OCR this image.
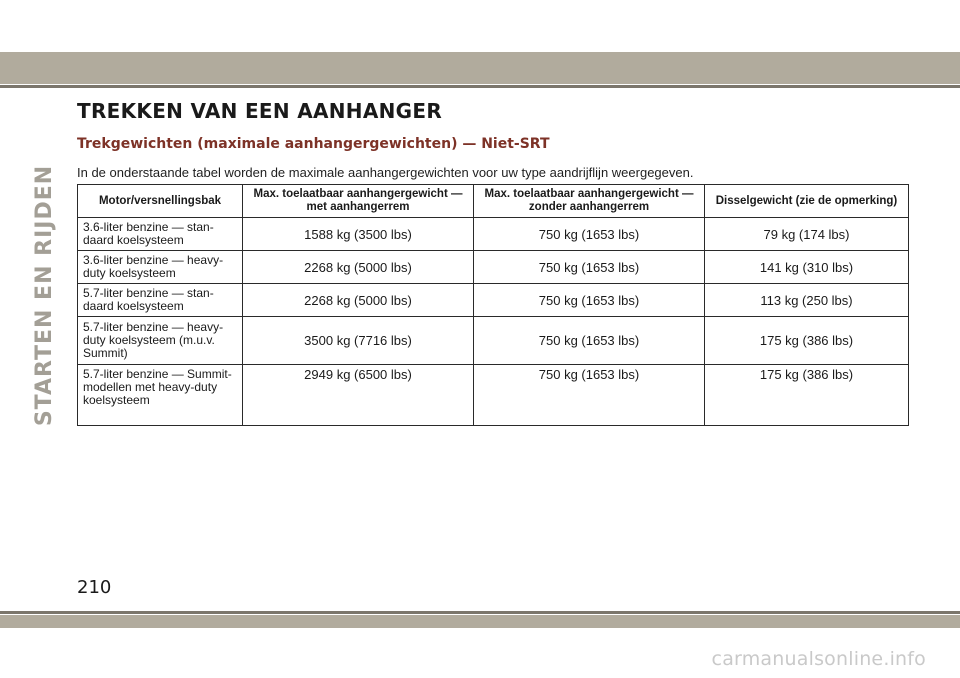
STARTEN EN RIJDEN
TREKKEN VAN EEN AANHANGER
Trekgewichten (maximale aanhangergewichten) — Niet-SRT

In de onderstaande tabel worden de maximale aanhangergewichten voor uw type aandrijflijn weergegeven.

Motor/versnellingsbak	Max. toelaatbaar aanhangergewicht — met aanhangerrem	Max. toelaatbaar aanhangergewicht — zonder aanhangerrem	Disselgewicht (zie de opmerking)
3.6-liter benzine — stan-daard koelsysteem	1588 kg (3500 lbs)	750 kg (1653 lbs)	79 kg (174 lbs)
3.6-liter benzine — heavy-duty koelsysteem	2268 kg (5000 lbs)	750 kg (1653 lbs)	141 kg (310 lbs)
5.7-liter benzine — stan-daard koelsysteem	2268 kg (5000 lbs)	750 kg (1653 lbs)	113 kg (250 lbs)
5.7-liter benzine — heavy-duty koelsysteem (m.u.v. Summit)	3500 kg (7716 lbs)	750 kg (1653 lbs)	175 kg (386 lbs)
5.7-liter benzine — Summit-modellen met heavy-duty koelsysteem	2949 kg (6500 lbs)	750 kg (1653 lbs)	175 kg (386 lbs)
210
carmanualsonline.info
